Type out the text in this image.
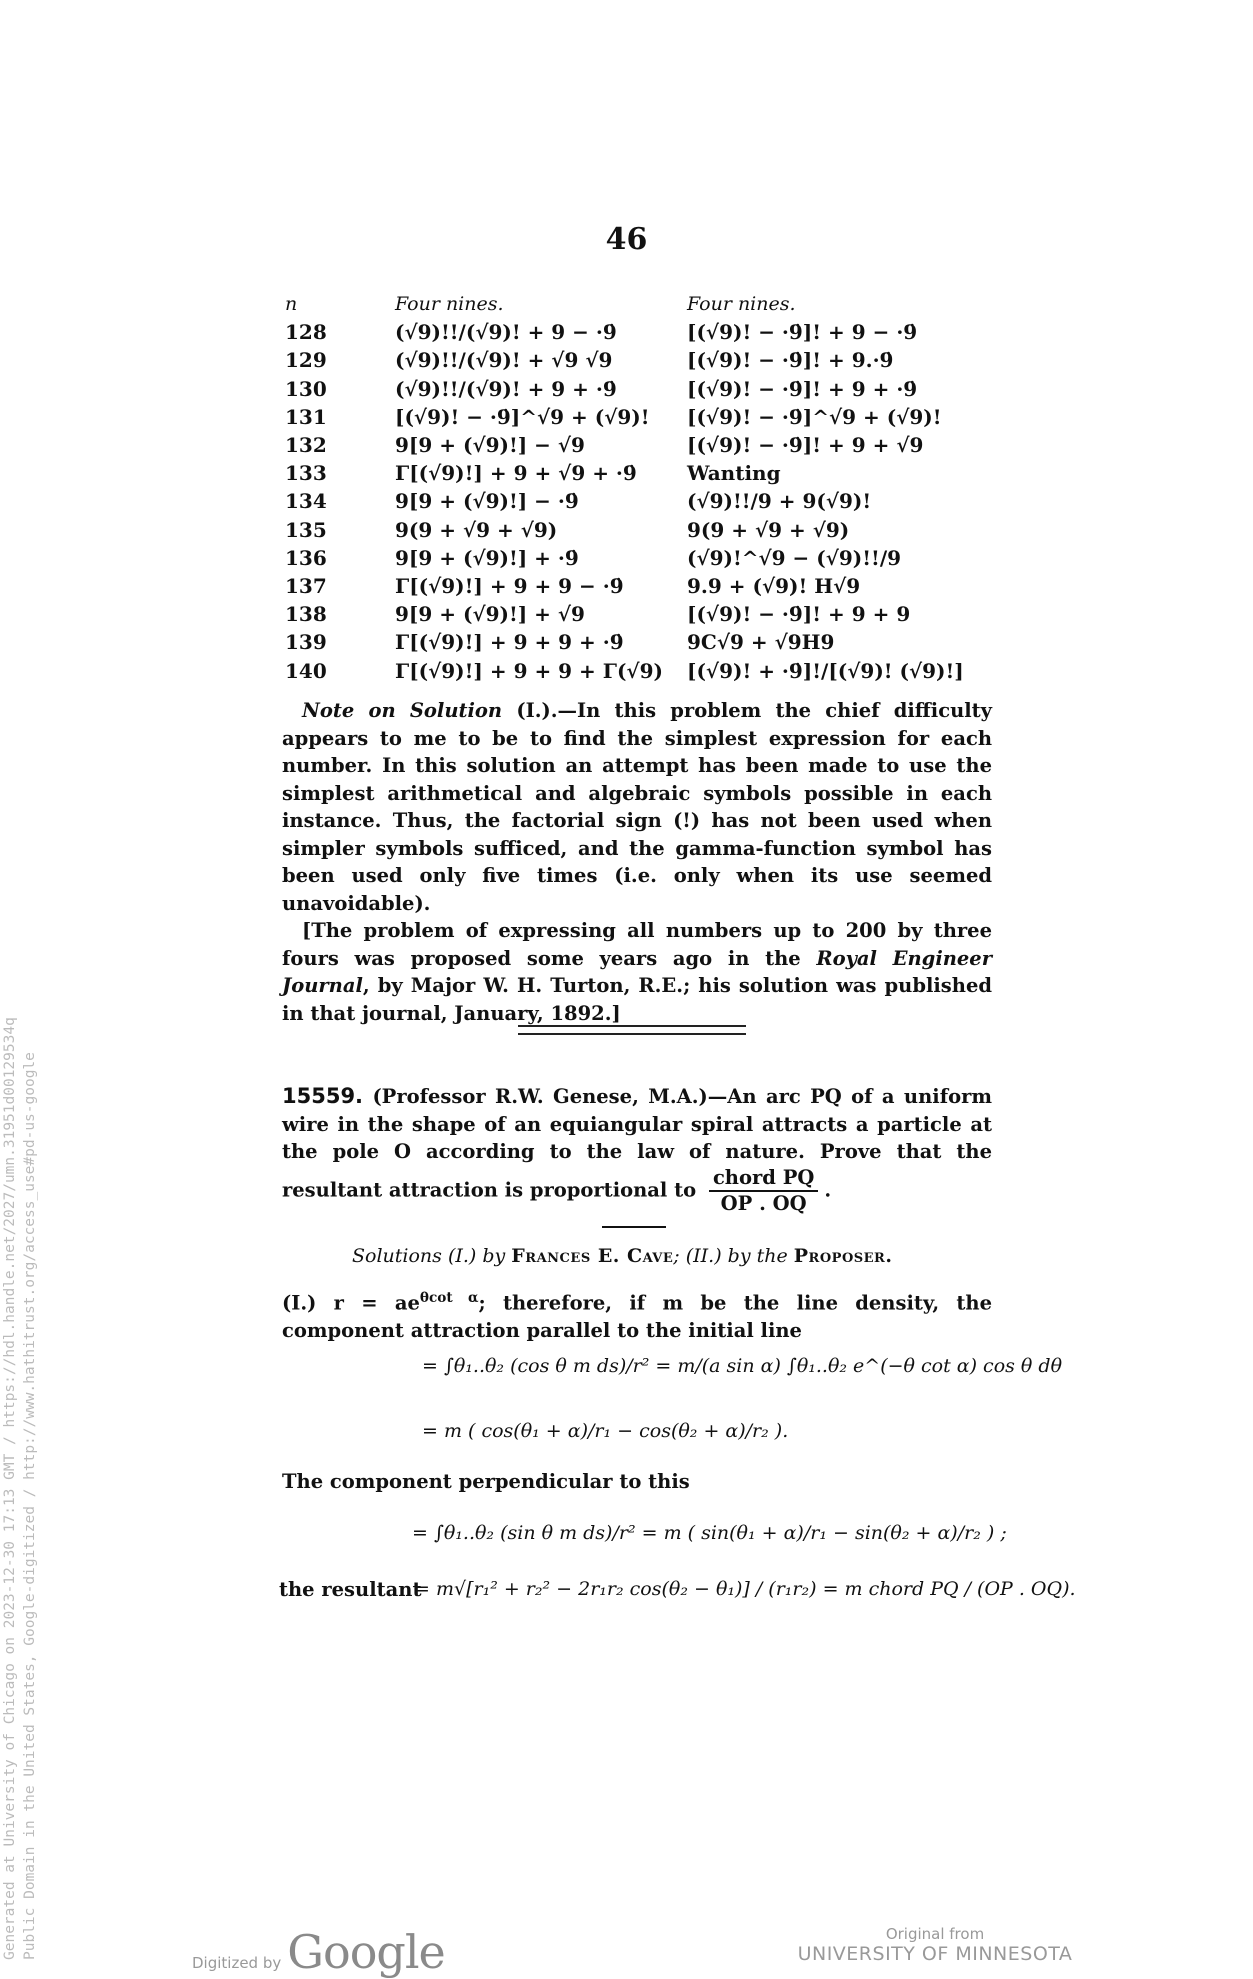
Generated at University of Chicago on 2023-12-30 17:13 GMT / https://hdl.handle.net/2027/umn.31951d00129534q Public Domain in the United States, Google-digitized / http://www.hathitrust.org/access_use#pd-us-google
46
n	Four nines.	Four nines.
128	(√9)!!/(√9)! + 9 − ·9̇	[(√9)! − ·9̇]! + 9 − ·9̇
129	(√9)!!/(√9)! + √9 √9	[(√9)! − ·9̇]! + 9.·9̇
130	(√9)!!/(√9)! + 9 + ·9̇	[(√9)! − ·9̇]! + 9 + ·9̇
131	[(√9)! − ·9̇]^√9 + (√9)!	[(√9)! − ·9̇]^√9 + (√9)!
132	9[9 + (√9)!] − √9	[(√9)! − ·9̇]! + 9 + √9
133	Γ[(√9)!] + 9 + √9 + ·9̇	Wanting
134	9[9 + (√9)!] − ·9̇	(√9)!!/9 + 9(√9)!
135	9(9 + √9 + √9)	9(9 + √9 + √9)
136	9[9 + (√9)!] + ·9̇	(√9)!^√9 − (√9)!!/9
137	Γ[(√9)!] + 9 + 9 − ·9̇	9.9 + (√9)! H√9
138	9[9 + (√9)!] + √9	[(√9)! − ·9̇]! + 9 + 9
139	Γ[(√9)!] + 9 + 9 + ·9̇	9C√9 + √9H9
140	Γ[(√9)!] + 9 + 9 + Γ(√9)	[(√9)! + ·9̇]!/[(√9)! (√9)!]

Note on Solution (I.).—In this problem the chief difficulty appears to me to be to find the simplest expression for each number. In this solution an attempt has been made to use the simplest arithmetical and algebraic symbols possible in each instance. Thus, the factorial sign (!) has not been used when simpler symbols sufficed, and the gamma-function symbol has been used only five times (i.e. only when its use seemed unavoidable).

[The problem of expressing all numbers up to 200 by three fours was proposed some years ago in the Royal Engineer Journal, by Major W. H. Turton, R.E.; his solution was published in that journal, January, 1892.]

15559. (Professor R.W. Genese, M.A.)—An arc PQ of a uniform wire in the shape of an equiangular spiral attracts a particle at the pole O according to the law of nature. Prove that the resultant attraction is proportional to $\frac{\text{chord PQ}}{OP . OQ}$ .

Solutions (I.) by Frances E. Cave; (II.) by the Proposer.

(I.) $r = ae^{\theta cot \alpha}$; therefore, if m be the line density, the component attraction parallel to the initial line

= ∫θ₁..θ₂ (cos θ m ds)/r² = m/(a sin α) ∫θ₁..θ₂ e^(−θ cot α) cos θ dθ
= m ( cos(θ₁ + α)/r₁ − cos(θ₂ + α)/r₂ ).
The component perpendicular to this
= ∫θ₁..θ₂ (sin θ m ds)/r² = m ( sin(θ₁ + α)/r₁ − sin(θ₂ + α)/r₂ ) ;
the resultant
= m√[r₁² + r₂² − 2r₁r₂ cos(θ₂ − θ₁)] / (r₁r₂) = m chord PQ / (OP . OQ).
Digitized by Google	Original from
UNIVERSITY OF MINNESOTA
